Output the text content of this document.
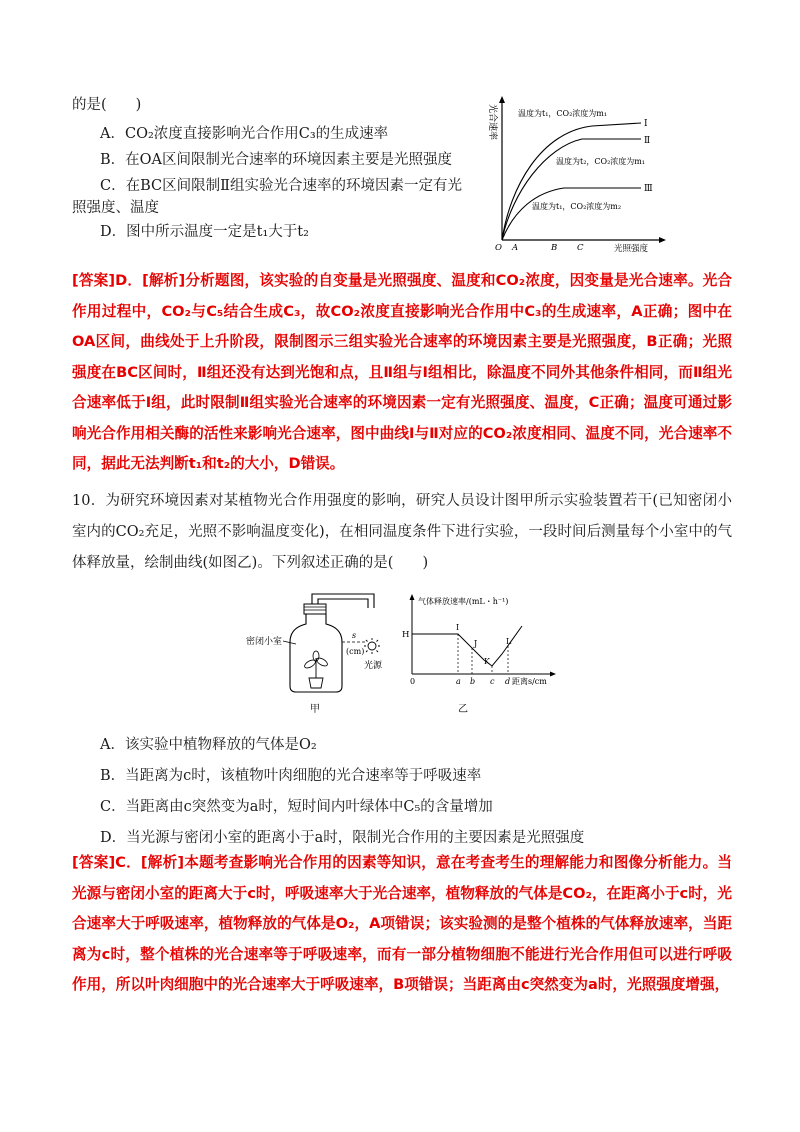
的是(　　)
A．CO₂浓度直接影响光合作用C₃的生成速率
B．在OA区间限制光合速率的环境因素主要是光照强度
C．在BC区间限制Ⅱ组实验光合速率的环境因素一定有光
照强度、温度
D．图中所示温度一定是t₁大于t₂
光合速率	Ⅰ
Ⅱ
Ⅲ
温度为t₁，CO₂浓度为m₁
温度为t₂，CO₂浓度为m₁
温度为t₁，CO₂浓度为m₂
O A	B C	光照强度
[答案]D．[解析]分析题图，该实验的自变量是光照强度、温度和CO₂浓度，因变量是光合速率。光合作用过程中，CO₂与C₅结合生成C₃，故CO₂浓度直接影响光合作用中C₃的生成速率，A正确；图中在OA区间，曲线处于上升阶段，限制图示三组实验光合速率的环境因素主要是光照强度，B正确；光照强度在BC区间时，Ⅱ组还没有达到光饱和点，且Ⅱ组与Ⅰ组相比，除温度不同外其他条件相同，而Ⅱ组光合速率低于Ⅰ组，此时限制Ⅱ组实验光合速率的环境因素一定有光照强度、温度，C正确；温度可通过影响光合作用相关酶的活性来影响光合速率，图中曲线Ⅰ与Ⅱ对应的CO₂浓度相同、温度不同，光合速率不同，据此无法判断t₁和t₂的大小，D错误。
10．为研究环境因素对某植物光合作用强度的影响，研究人员设计图甲所示实验装置若干(已知密闭小室内的CO₂充足，光照不影响温度变化)，在相同温度条件下进行实验，一段时间后测量每个小室中的气体释放量，绘制曲线(如图乙)。下列叙述正确的是(　　)
密闭小室
s
(cm)
光源
甲
气体释放速率/(mL・h⁻¹)
H
I
J
K
L
0	a b c d 距离s/cm
乙
A．该实验中植物释放的气体是O₂
B．当距离为c时，该植物叶肉细胞的光合速率等于呼吸速率
C．当距离由c突然变为a时，短时间内叶绿体中C₅的含量增加
D．当光源与密闭小室的距离小于a时，限制光合作用的主要因素是光照强度
[答案]C．[解析]本题考查影响光合作用的因素等知识，意在考查考生的理解能力和图像分析能力。当光源与密闭小室的距离大于c时，呼吸速率大于光合速率，植物释放的气体是CO₂，在距离小于c时，光合速率大于呼吸速率，植物释放的气体是O₂，A项错误；该实验测的是整个植株的气体释放速率，当距离为c时，整个植株的光合速率等于呼吸速率，而有一部分植物细胞不能进行光合作用但可以进行呼吸作用，所以叶肉细胞中的光合速率大于呼吸速率，B项错误；当距离由c突然变为a时，光照强度增强，
